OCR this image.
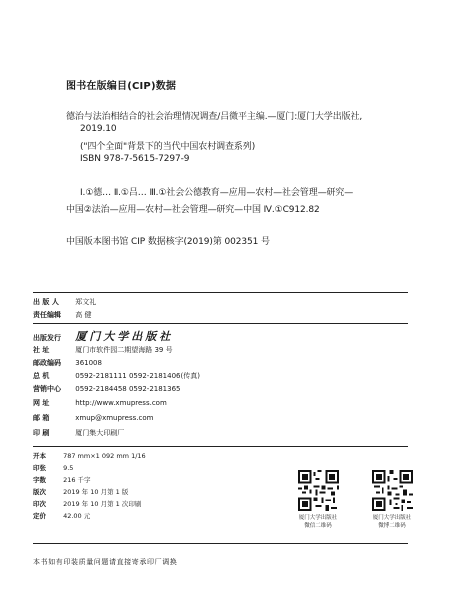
图书在版编目(CIP)数据
德治与法治相结合的社会治理情况调查/吕微平主编.—厦门:厦门大学出版社,
2019.10
("四个全面"背景下的当代中国农村调查系列)
ISBN 978-7-5615-7297-9
Ⅰ.①德… Ⅱ.①吕… Ⅲ.①社会公德教育—应用—农村—社会管理—研究—
中国②法治—应用—农村—社会管理—研究—中国 Ⅳ.①C912.82
中国版本图书馆 CIP 数据核字(2019)第 002351 号
出 版 人 郑文礼
责任编辑 高 健
出版发行 厦门大学出版社
社 址	厦门市软件园二期望海路 39 号
邮政编码 361008
总 机	0592-2181111 0592-2181406(传真)
营销中心 0592-2184458 0592-2181365
网 址	http://www.xmupress.com
邮 箱	xmup@xmupress.com
印 刷	厦门集大印刷厂
开本	787 mm×1 092 mm 1/16
印张	9.5
字数	216 千字
版次	2019 年 10 月第 1 版
印次	2019 年 10 月第 1 次印刷
定价	42.00 元	厦门大学出版社
微信二维码
厦门大学出版社
微博二维码
本书如有印装质量问题请直接寄承印厂调换
